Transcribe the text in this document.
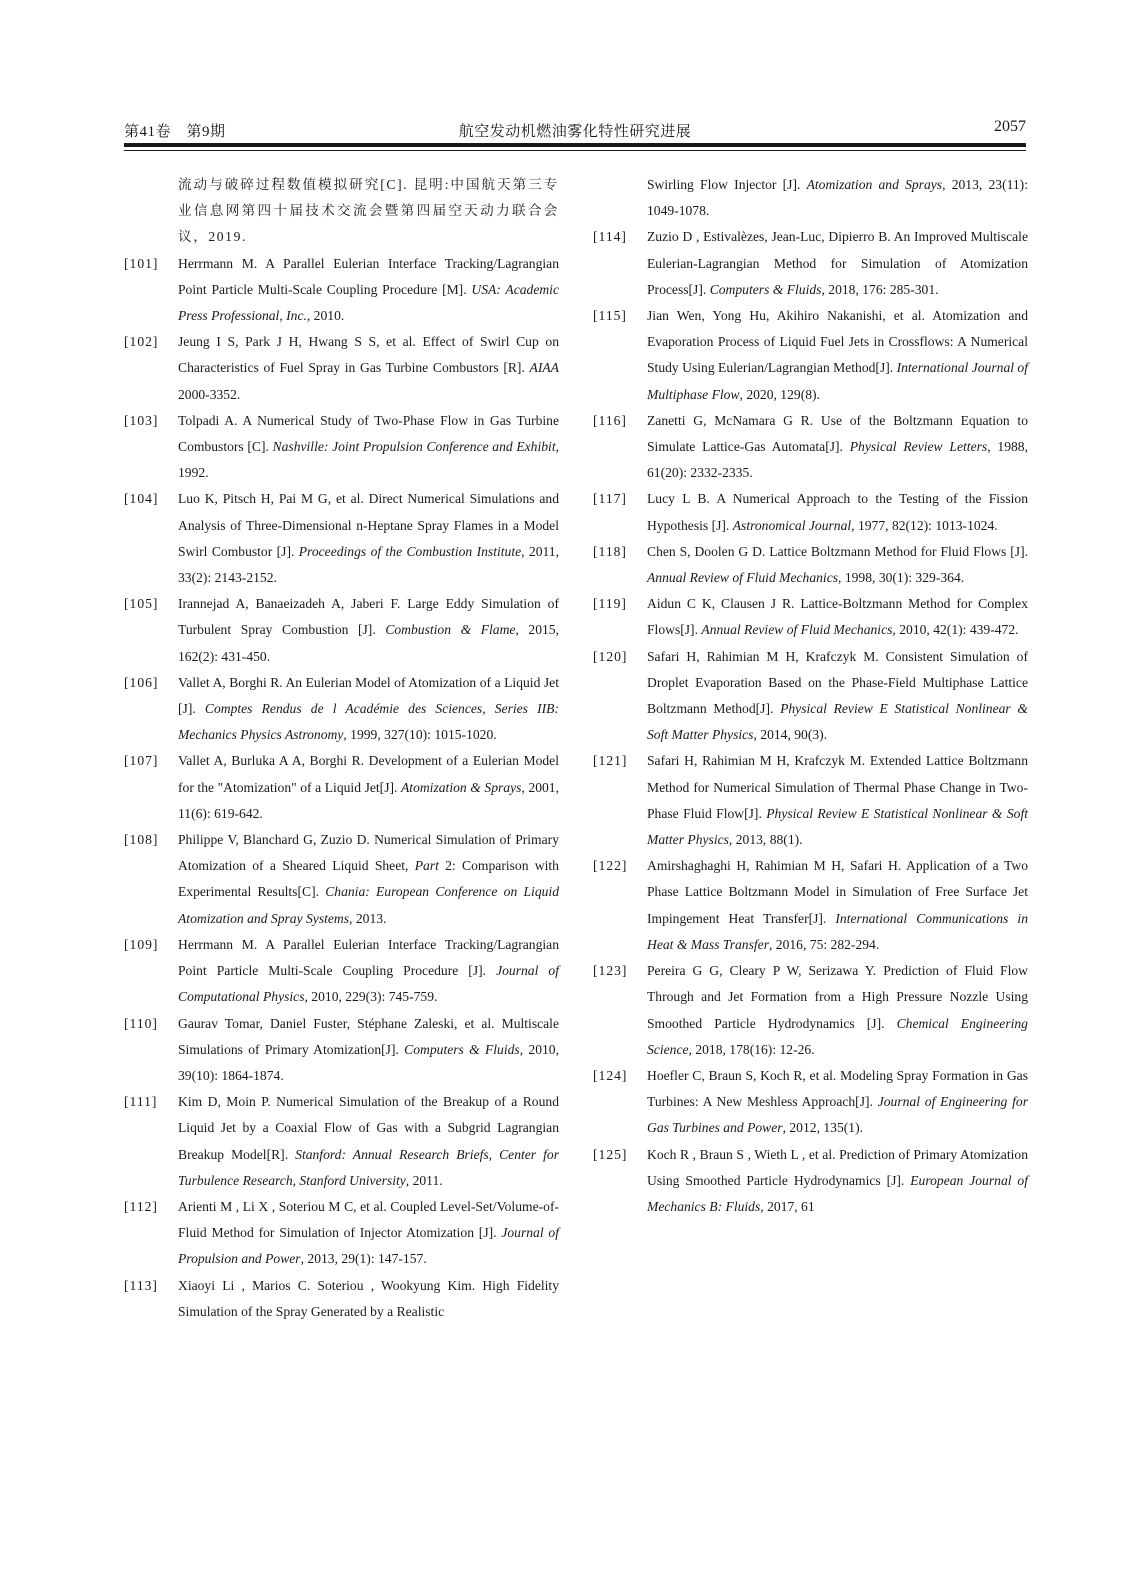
第41卷　第9期	航空发动机燃油雾化特性研究进展	2057
流动与破碎过程数值模拟研究[C]. 昆明:中国航天第三专业信息网第四十届技术交流会暨第四届空天动力联合会议，2019.
[101] Herrmann M. A Parallel Eulerian Interface Tracking/Lagrangian Point Particle Multi-Scale Coupling Procedure [M]. USA: Academic Press Professional, Inc., 2010.
[102] Jeung I S, Park J H, Hwang S S, et al. Effect of Swirl Cup on Characteristics of Fuel Spray in Gas Turbine Combustors [R]. AIAA 2000-3352.
[103] Tolpadi A. A Numerical Study of Two-Phase Flow in Gas Turbine Combustors [C]. Nashville: Joint Propulsion Conference and Exhibit, 1992.
[104] Luo K, Pitsch H, Pai M G, et al. Direct Numerical Simulations and Analysis of Three-Dimensional n-Heptane Spray Flames in a Model Swirl Combustor [J]. Proceedings of the Combustion Institute, 2011, 33(2): 2143-2152.
[105] Irannejad A, Banaeizadeh A, Jaberi F. Large Eddy Simulation of Turbulent Spray Combustion [J]. Combustion & Flame, 2015, 162(2): 431-450.
[106] Vallet A, Borghi R. An Eulerian Model of Atomization of a Liquid Jet [J]. Comptes Rendus de l Académie des Sciences, Series IIB: Mechanics Physics Astronomy, 1999, 327(10): 1015-1020.
[107] Vallet A, Burluka A A, Borghi R. Development of a Eulerian Model for the "Atomization" of a Liquid Jet[J]. Atomization & Sprays, 2001, 11(6): 619-642.
[108] Philippe V, Blanchard G, Zuzio D. Numerical Simulation of Primary Atomization of a Sheared Liquid Sheet, Part 2: Comparison with Experimental Results[C]. Chania: European Conference on Liquid Atomization and Spray Systems, 2013.
[109] Herrmann M. A Parallel Eulerian Interface Tracking/Lagrangian Point Particle Multi-Scale Coupling Procedure [J]. Journal of Computational Physics, 2010, 229(3): 745-759.
[110] Gaurav Tomar, Daniel Fuster, Stéphane Zaleski, et al. Multiscale Simulations of Primary Atomization[J]. Computers & Fluids, 2010, 39(10): 1864-1874.
[111] Kim D, Moin P. Numerical Simulation of the Breakup of a Round Liquid Jet by a Coaxial Flow of Gas with a Subgrid Lagrangian Breakup Model[R]. Stanford: Annual Research Briefs, Center for Turbulence Research, Stanford University, 2011.
[112] Arienti M , Li X , Soteriou M C, et al. Coupled Level-Set/Volume-of-Fluid Method for Simulation of Injector Atomization [J]. Journal of Propulsion and Power, 2013, 29(1): 147-157.
[113] Xiaoyi Li , Marios C. Soteriou , Wookyung Kim. High Fidelity Simulation of the Spray Generated by a Realistic
Swirling Flow Injector [J]. Atomization and Sprays, 2013, 23(11): 1049-1078.
[114] Zuzio D , Estivalèzes, Jean-Luc, Dipierro B. An Improved Multiscale Eulerian-Lagrangian Method for Simulation of Atomization Process[J]. Computers & Fluids, 2018, 176: 285-301.
[115] Jian Wen, Yong Hu, Akihiro Nakanishi, et al. Atomization and Evaporation Process of Liquid Fuel Jets in Crossflows: A Numerical Study Using Eulerian/Lagrangian Method[J]. International Journal of Multiphase Flow, 2020, 129(8).
[116] Zanetti G, McNamara G R. Use of the Boltzmann Equation to Simulate Lattice-Gas Automata[J]. Physical Review Letters, 1988, 61(20): 2332-2335.
[117] Lucy L B. A Numerical Approach to the Testing of the Fission Hypothesis [J]. Astronomical Journal, 1977, 82(12): 1013-1024.
[118] Chen S, Doolen G D. Lattice Boltzmann Method for Fluid Flows [J]. Annual Review of Fluid Mechanics, 1998, 30(1): 329-364.
[119] Aidun C K, Clausen J R. Lattice-Boltzmann Method for Complex Flows[J]. Annual Review of Fluid Mechanics, 2010, 42(1): 439-472.
[120] Safari H, Rahimian M H, Krafczyk M. Consistent Simulation of Droplet Evaporation Based on the Phase-Field Multiphase Lattice Boltzmann Method[J]. Physical Review E Statistical Nonlinear & Soft Matter Physics, 2014, 90(3).
[121] Safari H, Rahimian M H, Krafczyk M. Extended Lattice Boltzmann Method for Numerical Simulation of Thermal Phase Change in Two-Phase Fluid Flow[J]. Physical Review E Statistical Nonlinear & Soft Matter Physics, 2013, 88(1).
[122] Amirshaghaghi H, Rahimian M H, Safari H. Application of a Two Phase Lattice Boltzmann Model in Simulation of Free Surface Jet Impingement Heat Transfer[J]. International Communications in Heat & Mass Transfer, 2016, 75: 282-294.
[123] Pereira G G, Cleary P W, Serizawa Y. Prediction of Fluid Flow Through and Jet Formation from a High Pressure Nozzle Using Smoothed Particle Hydrodynamics [J]. Chemical Engineering Science, 2018, 178(16): 12-26.
[124] Hoefler C, Braun S, Koch R, et al. Modeling Spray Formation in Gas Turbines: A New Meshless Approach[J]. Journal of Engineering for Gas Turbines and Power, 2012, 135(1).
[125] Koch R , Braun S , Wieth L , et al. Prediction of Primary Atomization Using Smoothed Particle Hydrodynamics [J]. European Journal of Mechanics B: Fluids, 2017, 61
